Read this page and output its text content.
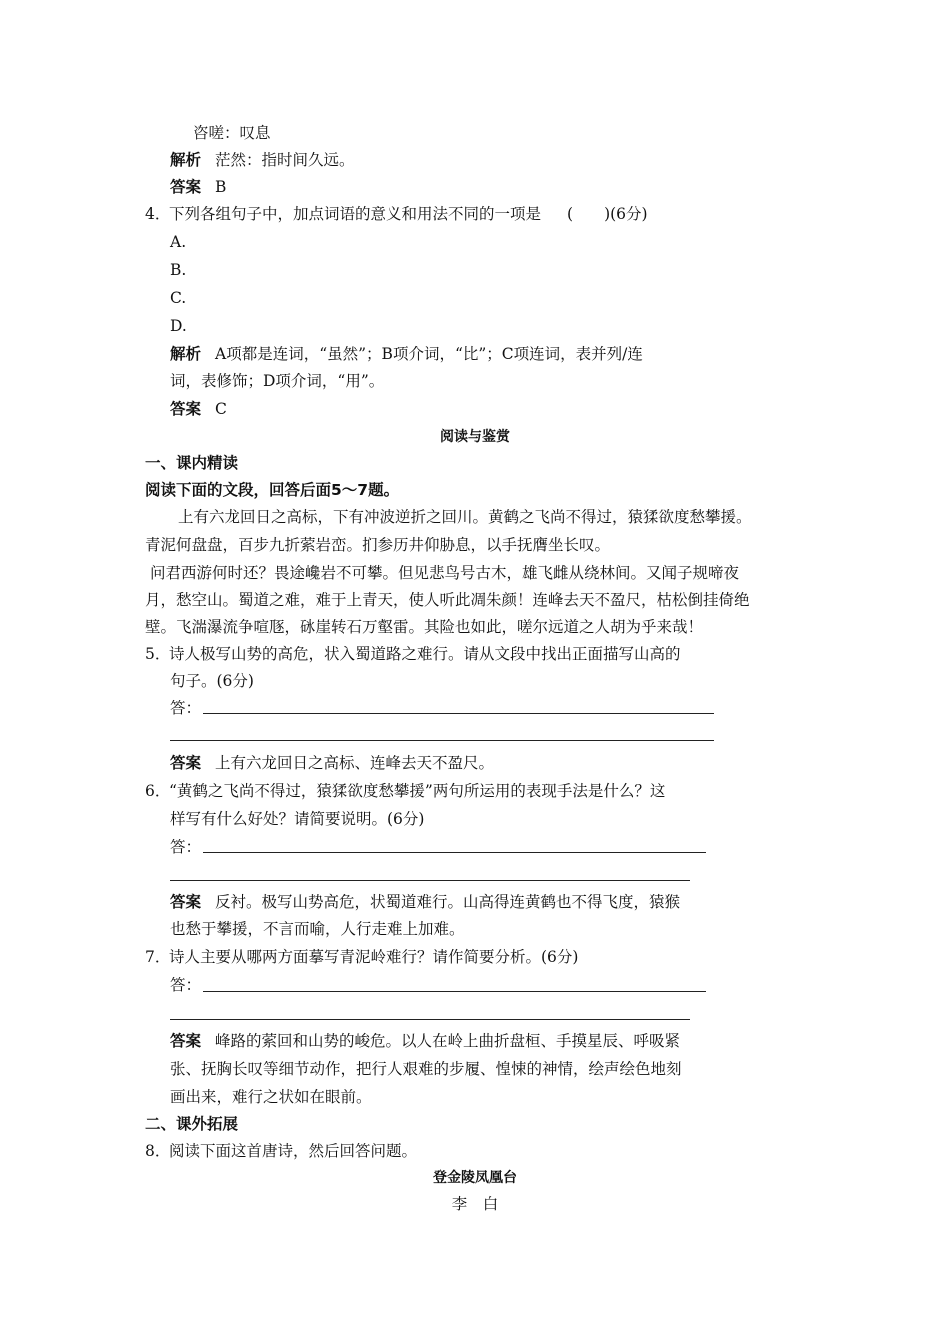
咨嗟：叹息
解析 茫然：指时间久远。
答案 B
4．下列各组句子中，加点词语的意义和用法不同的一项是 (　　)(6分)
A.
B.
C.
D.
解析 A项都是连词，“虽然”；B项介词，“比”；C项连词，表并列/连
词，表修饰；D项介词，“用”。
答案 C
阅读与鉴赏
一、课内精读
阅读下面的文段，回答后面5～7题。
上有六龙回日之高标，下有冲波逆折之回川。黄鹤之飞尚不得过，猿猱欲度愁攀援。
青泥何盘盘，百步九折萦岩峦。扪参历井仰胁息，以手抚膺坐长叹。
问君西游何时还？畏途巉岩不可攀。但见悲鸟号古木，雄飞雌从绕林间。又闻子规啼夜
月，愁空山。蜀道之难，难于上青天，使人听此凋朱颜！连峰去天不盈尺，枯松倒挂倚绝
壁。飞湍瀑流争喧豗，砯崖转石万壑雷。其险也如此，嗟尔远道之人胡为乎来哉！
5．诗人极写山势的高危，状入蜀道路之难行。请从文段中找出正面描写山高的
句子。(6分)
答：
答案 上有六龙回日之高标、连峰去天不盈尺。
6．“黄鹤之飞尚不得过，猿猱欲度愁攀援”两句所运用的表现手法是什么？这
样写有什么好处？请简要说明。(6分)
答：
答案 反衬。极写山势高危，状蜀道难行。山高得连黄鹤也不得飞度，猿猴
也愁于攀援，不言而喻，人行走难上加难。
7．诗人主要从哪两方面摹写青泥岭难行？请作简要分析。(6分)
答：
答案 峰路的萦回和山势的峻危。以人在岭上曲折盘桓、手摸星辰、呼吸紧
张、抚胸长叹等细节动作，把行人艰难的步履、惶悚的神情，绘声绘色地刻
画出来，难行之状如在眼前。
二、课外拓展
8．阅读下面这首唐诗，然后回答问题。
登金陵凤凰台
李　白
